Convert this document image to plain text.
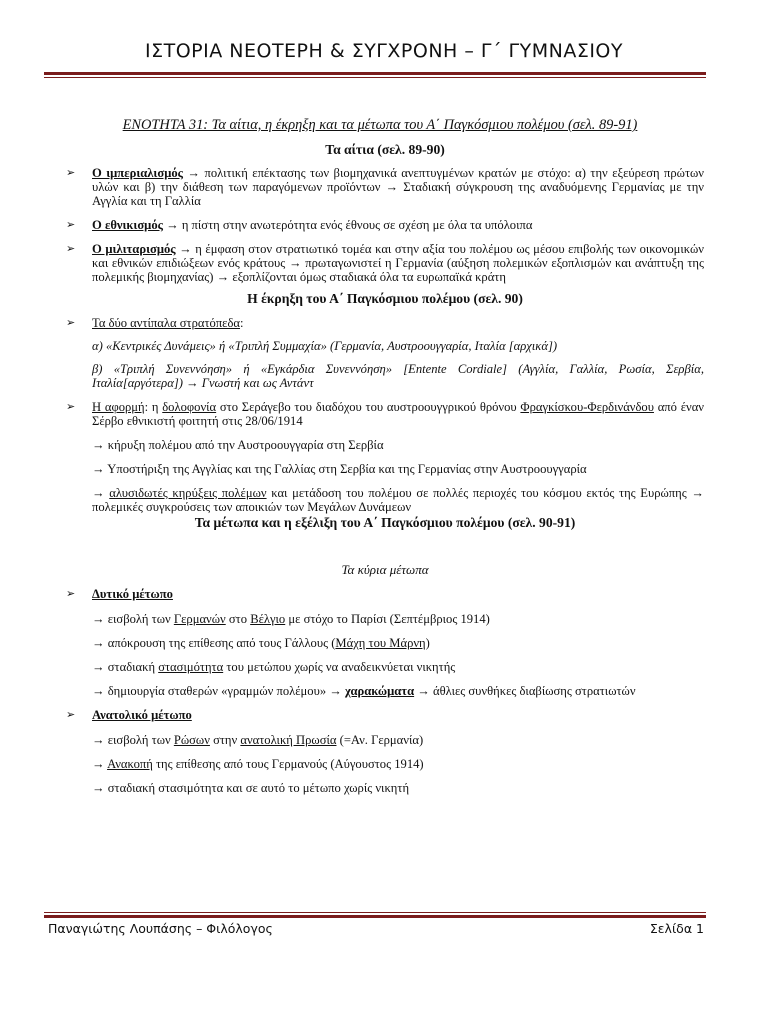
ΙΣΤΟΡΙΑ ΝΕΟΤΕΡΗ & ΣΥΓΧΡΟΝΗ – Γ΄ ΓΥΜΝΑΣΙΟΥ
ΕΝΟΤΗΤΑ 31: Τα αίτια, η έκρηξη και τα μέτωπα του Α΄ Παγκόσμιου πολέμου (σελ. 89-91)
Τα αίτια (σελ. 89-90)
➢ Ο ιμπεριαλισμός → πολιτική επέκτασης των βιομηχανικά ανεπτυγμένων κρατών με στόχο: α) την εξεύρεση πρώτων υλών και β) την διάθεση των παραγόμενων προϊόντων → Σταδιακή σύγκρουση της αναδυόμενης Γερμανίας με την Αγγλία και τη Γαλλία
➢ Ο εθνικισμός → η πίστη στην ανωτερότητα ενός έθνους σε σχέση με όλα τα υπόλοιπα
➢ Ο μιλιταρισμός → η έμφαση στον στρατιωτικό τομέα και στην αξία του πολέμου ως μέσου επιβολής των οικονομικών και εθνικών επιδιώξεων ενός κράτους → πρωταγωνιστεί η Γερμανία (αύξηση πολεμικών εξοπλισμών και ανάπτυξη της πολεμικής βιομηχανίας) → εξοπλίζονται όμως σταδιακά όλα τα ευρωπαϊκά κράτη
Η έκρηξη του Α΄ Παγκόσμιου πολέμου (σελ. 90)
➢ Τα δύο αντίπαλα στρατόπεδα:
α) «Κεντρικές Δυνάμεις» ή «Τριπλή Συμμαχία» (Γερμανία, Αυστροουγγαρία, Ιταλία [αρχικά])
β) «Τριπλή Συνεννόηση» ή «Εγκάρδια Συνεννόηση» [Entente Cordiale] (Αγγλία, Γαλλία, Ρωσία, Σερβία, Ιταλία[αργότερα]) → Γνωστή και ως Αντάντ
➢ Η αφορμή: η δολοφονία στο Σεράγεβο του διαδόχου του αυστροουγγρικού θρόνου Φραγκίσκου-Φερδινάνδου από έναν Σέρβο εθνικιστή φοιτητή στις 28/06/1914
→ κήρυξη πολέμου από την Αυστροουγγαρία στη Σερβία
→ Υποστήριξη της Αγγλίας και της Γαλλίας στη Σερβία και της Γερμανίας στην Αυστροουγγαρία
→ αλυσιδωτές κηρύξεις πολέμων και μετάδοση του πολέμου σε πολλές περιοχές του κόσμου εκτός της Ευρώπης → πολεμικές συγκρούσεις των αποικιών των Μεγάλων Δυνάμεων
Τα μέτωπα και η εξέλιξη του Α΄ Παγκόσμιου πολέμου (σελ. 90-91)
Τα κύρια μέτωπα
➢ Δυτικό μέτωπο
→ εισβολή των Γερμανών στο Βέλγιο με στόχο το Παρίσι (Σεπτέμβριος 1914)
→ απόκρουση της επίθεσης από τους Γάλλους (Μάχη του Μάρνη)
→ σταδιακή στασιμότητα του μετώπου χωρίς να αναδεικνύεται νικητής
→ δημιουργία σταθερών «γραμμών πολέμου» → χαρακώματα → άθλιες συνθήκες διαβίωσης στρατιωτών
➢ Ανατολικό μέτωπο
→ εισβολή των Ρώσων στην ανατολική Πρωσία (=Αν. Γερμανία)
→ Ανακοπή της επίθεσης από τους Γερμανούς (Αύγουστος 1914)
→ σταδιακή στασιμότητα και σε αυτό το μέτωπο χωρίς νικητή
Παναγιώτης Λουπάσης – Φιλόλογος	Σελίδα 1
